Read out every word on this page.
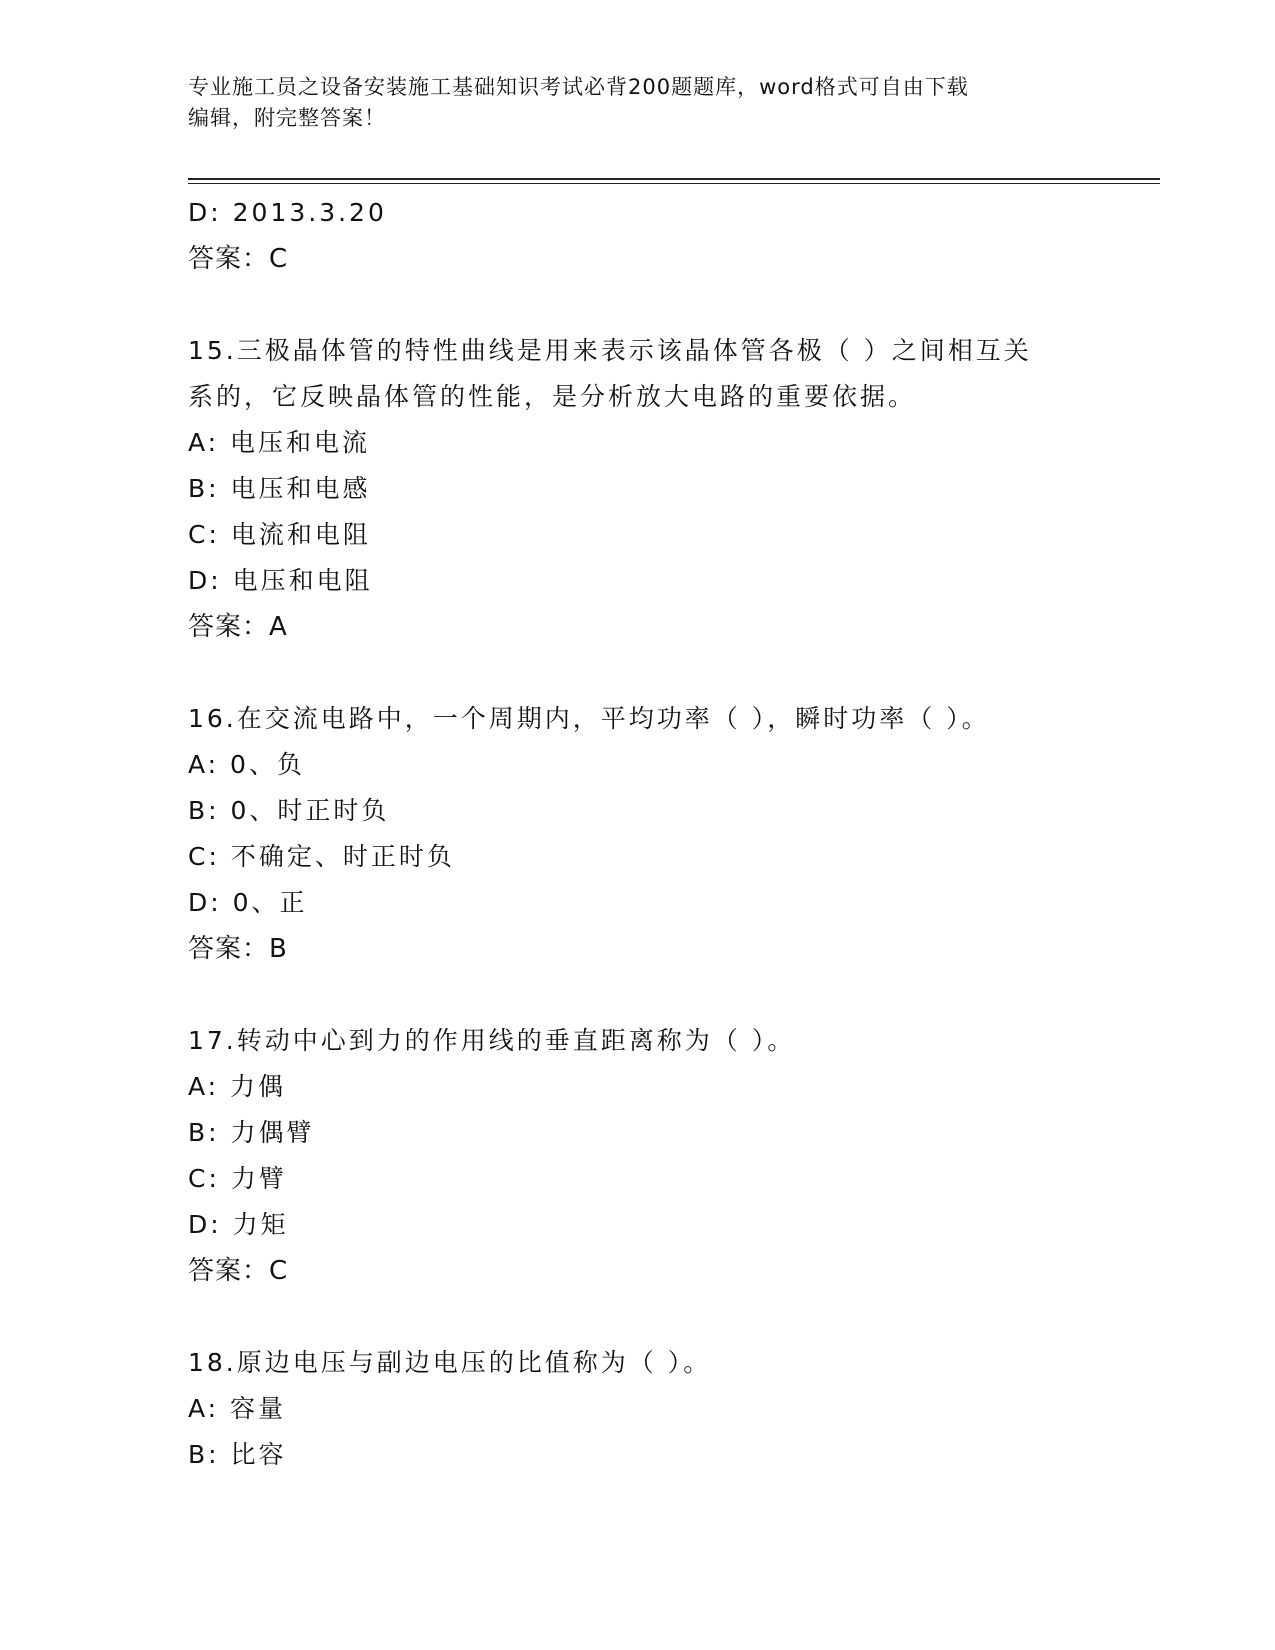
专业施工员之设备安装施工基础知识考试必背200题题库，word格式可自由下载
编辑，附完整答案！
D: 2013.3.20
答案：C
15.三极晶体管的特性曲线是用来表示该晶体管各极（ ）之间相互关
系的，它反映晶体管的性能，是分析放大电路的重要依据。
A: 电压和电流
B: 电压和电感
C: 电流和电阻
D: 电压和电阻
答案：A
16.在交流电路中，一个周期内，平均功率（ ），瞬时功率（ ）。
A: 0、负
B: 0、时正时负
C: 不确定、时正时负
D: 0、正
答案：B
17.转动中心到力的作用线的垂直距离称为（ ）。
A: 力偶
B: 力偶臂
C: 力臂
D: 力矩
答案：C
18.原边电压与副边电压的比值称为（ ）。
A: 容量
B: 比容
